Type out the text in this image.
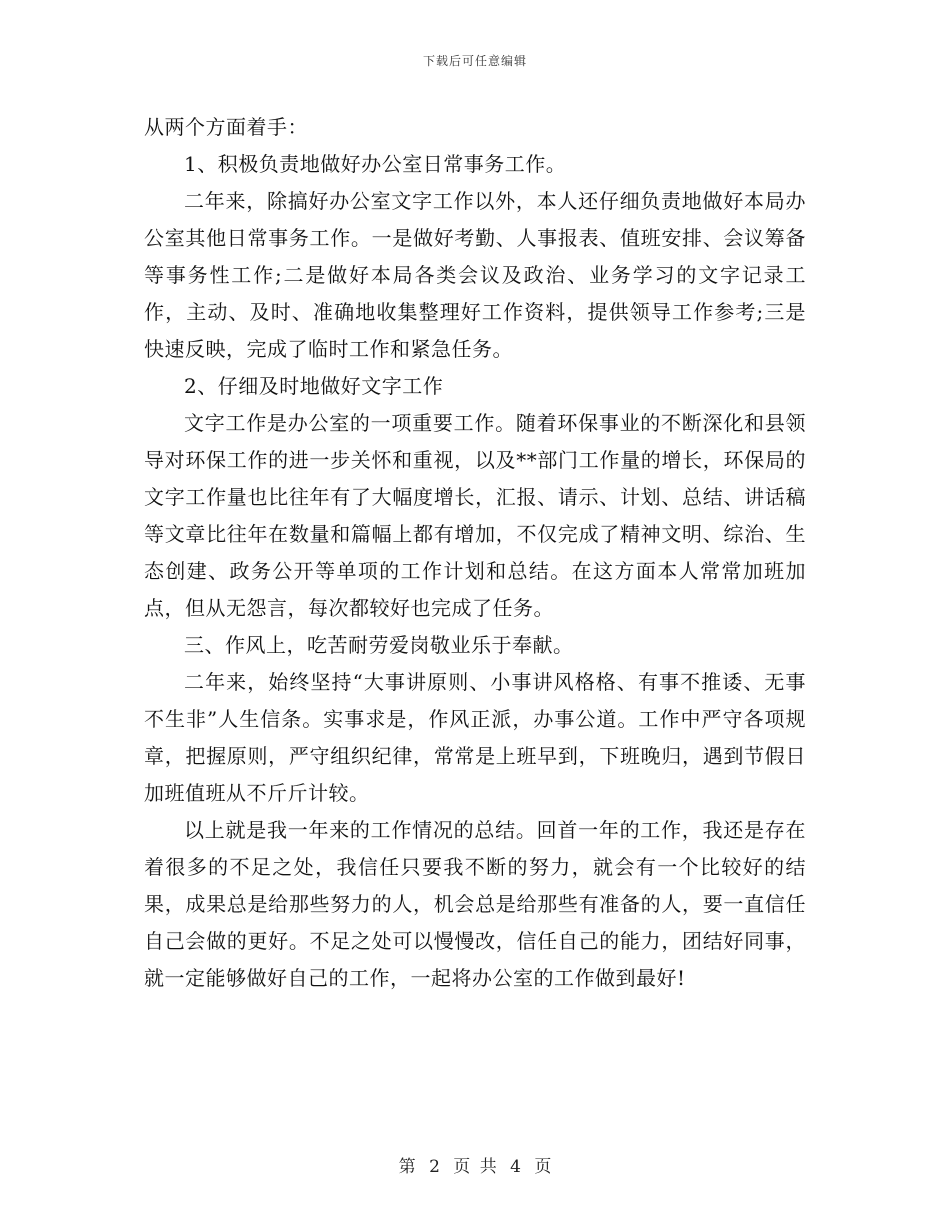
下载后可任意编辑

从两个方面着手：

1、积极负责地做好办公室日常事务工作。

二年来，除搞好办公室文字工作以外，本人还仔细负责地做好本局办公室其他日常事务工作。一是做好考勤、人事报表、值班安排、会议筹备等事务性工作;二是做好本局各类会议及政治、业务学习的文字记录工作，主动、及时、准确地收集整理好工作资料，提供领导工作参考;三是快速反映，完成了临时工作和紧急任务。

2、仔细及时地做好文字工作

文字工作是办公室的一项重要工作。随着环保事业的不断深化和县领导对环保工作的进一步关怀和重视，以及**部门工作量的增长，环保局的文字工作量也比往年有了大幅度增长，汇报、请示、计划、总结、讲话稿等文章比往年在数量和篇幅上都有增加，不仅完成了精神文明、综治、生态创建、政务公开等单项的工作计划和总结。在这方面本人常常加班加点，但从无怨言，每次都较好也完成了任务。

三、作风上，吃苦耐劳爱岗敬业乐于奉献。

二年来，始终坚持“大事讲原则、小事讲风格格、有事不推诿、无事不生非”人生信条。实事求是，作风正派，办事公道。工作中严守各项规章，把握原则，严守组织纪律，常常是上班早到，下班晚归，遇到节假日加班值班从不斤斤计较。

以上就是我一年来的工作情况的总结。回首一年的工作，我还是存在着很多的不足之处，我信任只要我不断的努力，就会有一个比较好的结果，成果总是给那些努力的人，机会总是给那些有准备的人，要一直信任自己会做的更好。不足之处可以慢慢改，信任自己的能力，团结好同事，就一定能够做好自己的工作，一起将办公室的工作做到最好!

第 2 页 共 4 页
